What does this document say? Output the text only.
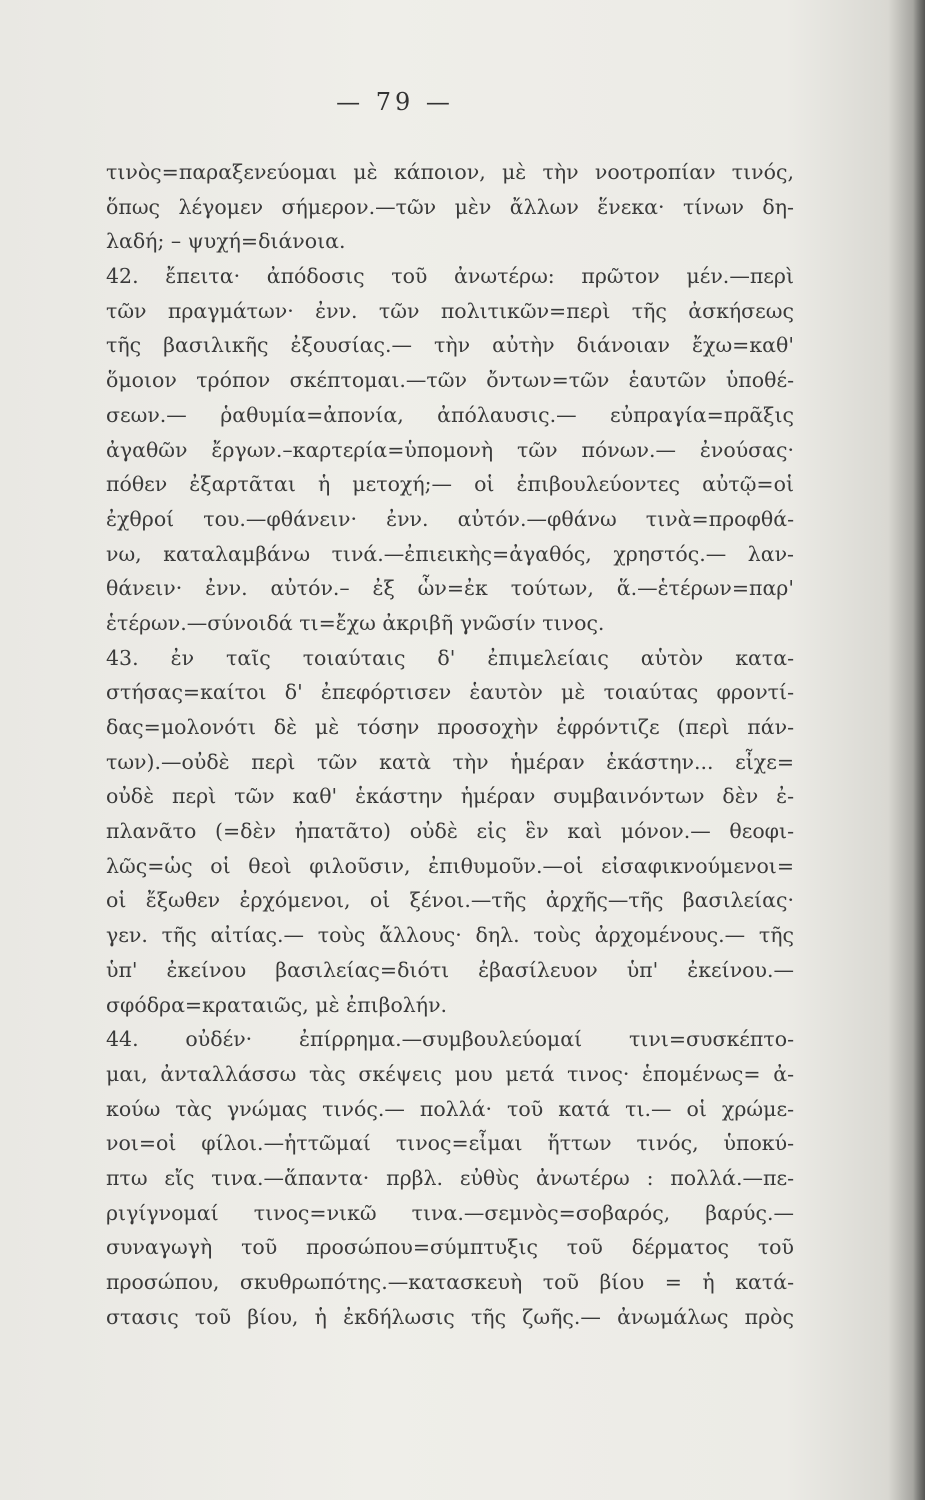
— 79 —
τινὸς=παραξενεύομαι μὲ κάποιον, μὲ τὴν νοοτροπίαν τινός,
ὅπως λέγομεν σήμερον.—τῶν μὲν ἄλλων ἕνεκα· τίνων δη-
λαδή; – ψυχή=διάνοια.
42. ἔπειτα· ἀπόδοσις τοῦ ἀνωτέρω: πρῶτον μέν.—περὶ
τῶν πραγμάτων· ἐνν. τῶν πολιτικῶν=περὶ τῆς ἀσκήσεως
τῆς βασιλικῆς ἐξουσίας.— τὴν αὐτὴν διάνοιαν ἔχω=καθ'
ὅμοιον τρόπον σκέπτομαι.—τῶν ὄντων=τῶν ἑαυτῶν ὑποθέ-
σεων.— ῥαθυμία=ἀπονία, ἀπόλαυσις.— εὐπραγία=πρᾶξις
ἀγαθῶν ἔργων.–καρτερία=ὑπομονὴ τῶν πόνων.— ἐνούσας·
πόθεν ἐξαρτᾶται ἡ μετοχή;— οἱ ἐπιβουλεύοντες αὐτῷ=οἱ
ἐχθροί του.—φθάνειν· ἐνν. αὐτόν.—φθάνω τινὰ=προφθά-
νω, καταλαμβάνω τινά.—ἐπιεικὴς=ἀγαθός, χρηστός.— λαν-
θάνειν· ἐνν. αὐτόν.– ἐξ ὧν=ἐκ τούτων, ἅ.—ἑτέρων=παρ'
ἑτέρων.—σύνοιδά τι=ἔχω ἀκριβῆ γνῶσίν τινος.
43. ἐν ταῖς τοιαύταις δ' ἐπιμελείαις αὑτὸν κατα-
στήσας=καίτοι δ' ἐπεφόρτισεν ἑαυτὸν μὲ τοιαύτας φροντί-
δας=μολονότι δὲ μὲ τόσην προσοχὴν ἐφρόντιζε (περὶ πάν-
των).—οὐδὲ περὶ τῶν κατὰ τὴν ἡμέραν ἑκάστην... εἶχε=
οὐδὲ περὶ τῶν καθ' ἑκάστην ἡμέραν συμβαινόντων δὲν ἐ-
πλανᾶτο (=δὲν ἠπατᾶτο) οὐδὲ εἰς ἓν καὶ μόνον.— θεοφι-
λῶς=ὡς οἱ θεοὶ φιλοῦσιν, ἐπιθυμοῦν.—οἱ εἰσαφικνούμενοι=
οἱ ἔξωθεν ἐρχόμενοι, οἱ ξένοι.—τῆς ἀρχῆς—τῆς βασιλείας·
γεν. τῆς αἰτίας.— τοὺς ἄλλους· δηλ. τοὺς ἀρχομένους.— τῆς
ὑπ' ἐκείνου βασιλείας=διότι ἐβασίλευον ὑπ' ἐκείνου.—
σφόδρα=κραταιῶς, μὲ ἐπιβολήν.
44. οὐδέν· ἐπίρρημα.—συμβουλεύομαί τινι=συσκέπτο-
μαι, ἀνταλλάσσω τὰς σκέψεις μου μετά τινος· ἑπομένως= ἀ-
κούω τὰς γνώμας τινός.— πολλά· τοῦ κατά τι.— οἱ χρώμε-
νοι=οἱ φίλοι.—ἡττῶμαί τινος=εἶμαι ἥττων τινός, ὑποκύ-
πτω εἴς τινα.—ἅπαντα· πρβλ. εὐθὺς ἀνωτέρω : πολλά.—πε-
ριγίγνομαί τινος=νικῶ τινα.—σεμνὸς=σοβαρός, βαρύς.—
συναγωγὴ τοῦ προσώπου=σύμπτυξις τοῦ δέρματος τοῦ
προσώπου, σκυθρωπότης.—κατασκευὴ τοῦ βίου = ἡ κατά-
στασις τοῦ βίου, ἡ ἐκδήλωσις τῆς ζωῆς.— ἀνωμάλως πρὸς
